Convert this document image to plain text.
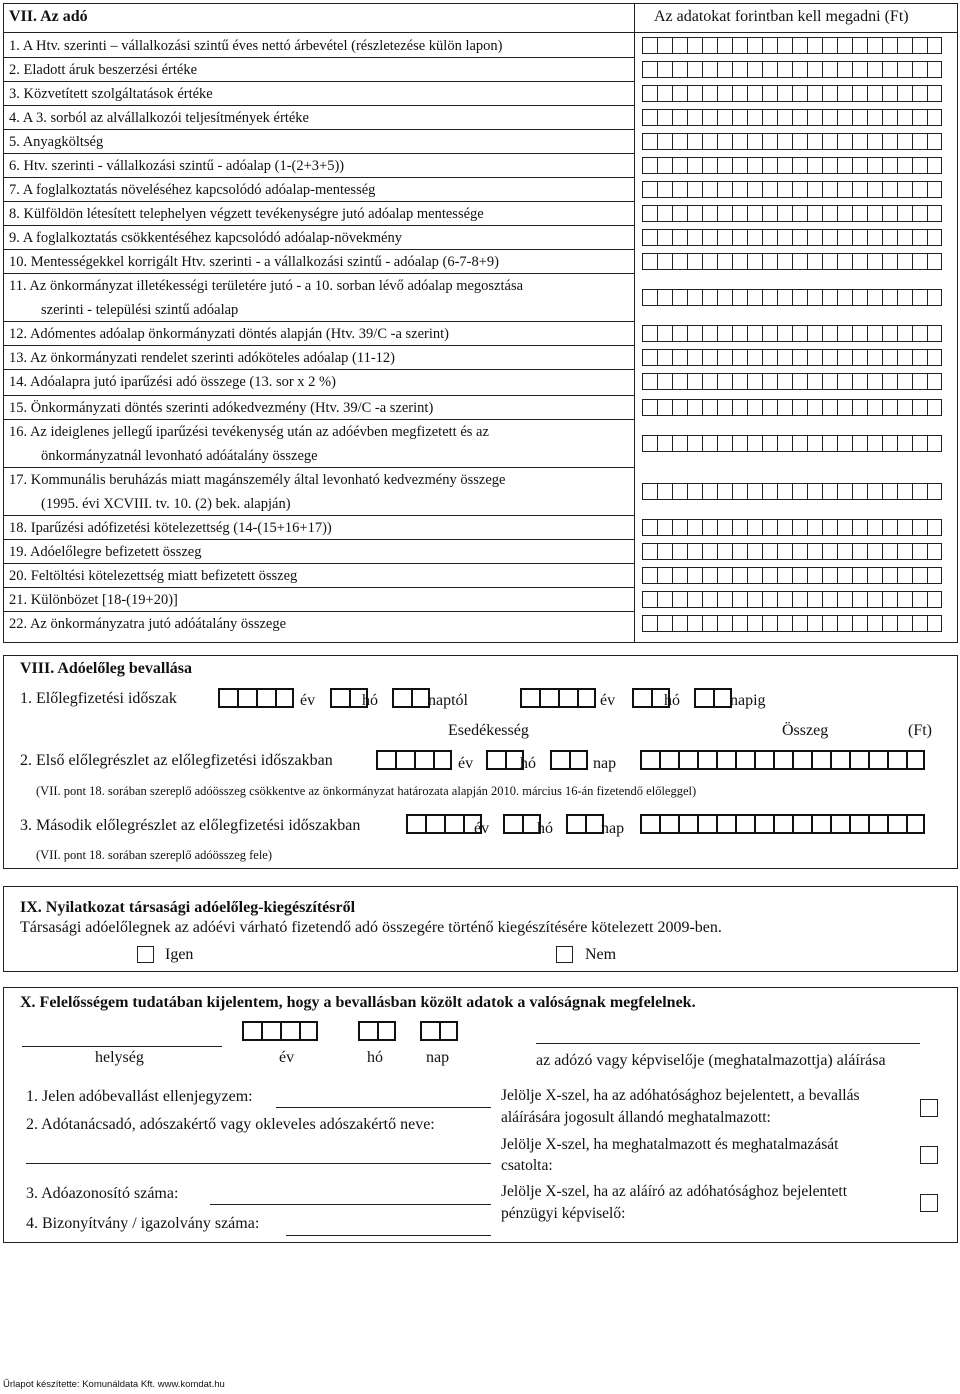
VII. Az adó	Az adatokat forintban kell megadni (Ft)
1. A Htv. szerinti – vállalkozási szintű éves nettó árbevétel (részletezése külön lapon)
2. Eladott áruk beszerzési értéke
3. Közvetített szolgáltatások értéke
4. A 3. sorból az alvállalkozói teljesítmények értéke
5. Anyagköltség
6. Htv. szerinti - vállalkozási szintű - adóalap (1-(2+3+5))
7. A foglalkoztatás növeléséhez kapcsolódó adóalap-mentesség
8. Külföldön létesített telephelyen végzett tevékenységre jutó adóalap mentessége
9. A foglalkoztatás csökkentéséhez kapcsolódó adóalap-növekmény
10. Mentességekkel korrigált Htv. szerinti - a vállalkozási szintű - adóalap (6-7-8+9)
11. Az önkormányzat illetékességi területére jutó - a 10. sorban lévő adóalap megosztása
szerinti - települési szintű adóalap
12. Adómentes adóalap önkormányzati döntés alapján (Htv. 39/C -a szerint)
13. Az önkormányzati rendelet szerinti adóköteles adóalap (11-12)
14. Adóalapra jutó iparűzési adó összege (13. sor x 2 %)
15. Önkormányzati döntés szerinti adókedvezmény (Htv. 39/C -a szerint)
16. Az ideiglenes jellegű iparűzési tevékenység után az adóévben megfizetett és az
önkormányzatnál levonható adóátalány összege
17. Kommunális beruházás miatt magánszemély által levonható kedvezmény összege
(1995. évi XCVIII. tv. 10. (2) bek. alapján)
18. Iparűzési adófizetési kötelezettség (14-(15+16+17))
19. Adóelőlegre befizetett összeg
20. Feltöltési kötelezettség miatt befizetett összeg
21. Különbözet [18-(19+20)]
22. Az önkormányzatra jutó adóátalány összege
VIII. Adóelőleg bevallása
1. Előlegfizetési időszak	év	hó	naptól	év	hó	napig
Esedékesség	Összeg	(Ft)
2. Első előlegrészlet az előlegfizetési időszakban	év	hó	nap
(VII. pont 18. sorában szereplő adóösszeg csökkentve az önkormányzat határozata alapján 2010. március 16-án fizetendő előleggel)
3. Második előlegrészlet az előlegfizetési időszakban	év	hó	nap
(VII. pont 18. sorában szereplő adóösszeg fele)
IX. Nyilatkozat társasági adóelőleg-kiegészítésről
Társasági adóelőlegnek az adóévi várható fizetendő adó összegére történő kiegészítésére kötelezett 2009-ben.
Igen	Nem
X. Felelősségem tudatában kijelentem, hogy a bevallásban közölt adatok a valóságnak megfelelnek.
helység	év	hó	nap	az adózó vagy képviselője (meghatalmazottja) aláírása
1. Jelen adóbevallást ellenjegyzem:
2. Adótanácsadó, adószakértő vagy okleveles adószakértő neve:
3. Adóazonosító száma:
4. Bizonyítvány / igazolvány száma:
Jelölje X-szel, ha az adóhatósághoz bejelentett, a bevallás
aláírására jogosult állandó meghatalmazott:
Jelölje X-szel, ha meghatalmazott és meghatalmazását
csatolta:
Jelölje X-szel, ha az aláíró az adóhatósághoz bejelentett
pénzügyi képviselő:
Űrlapot készítette: Komunáldata Kft. www.komdat.hu
